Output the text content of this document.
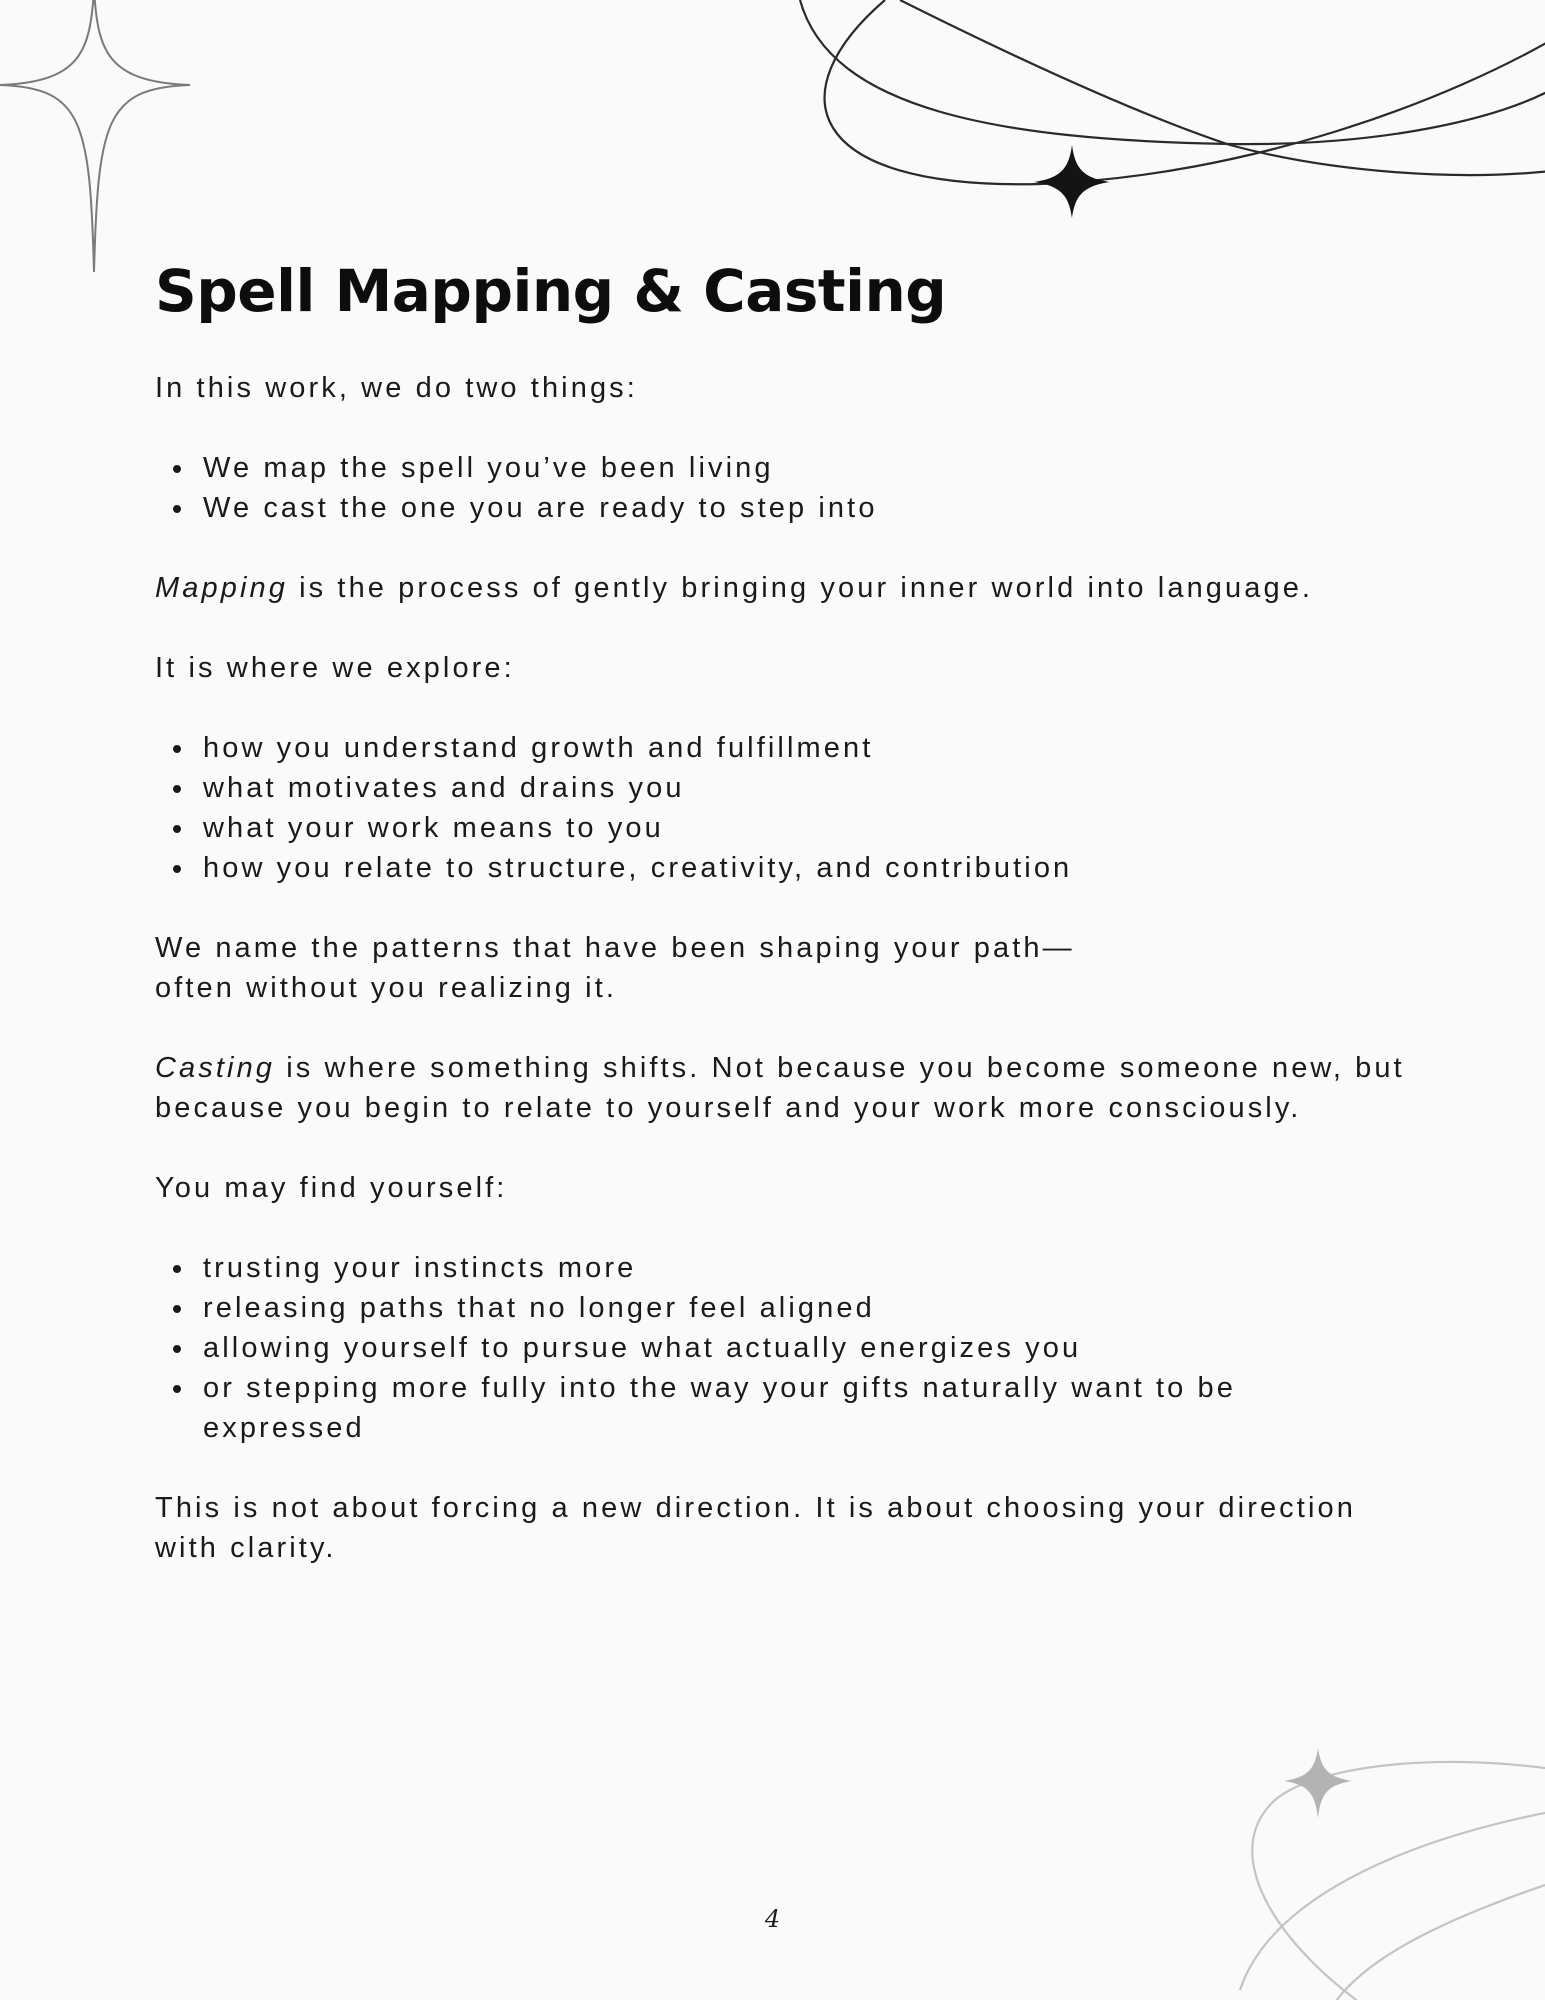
Spell Mapping & Casting

In this work, we do two things:

We map the spell you’ve been living
We cast the one you are ready to step into

Mapping is the process of gently bringing your inner world into language.

It is where we explore:

how you understand growth and fulfillment
what motivates and drains you
what your work means to you
how you relate to structure, creativity, and contribution

We name the patterns that have been shaping your path— often without you realizing it.

Casting is where something shifts. Not because you become someone new, but because you begin to relate to yourself and your work more consciously.

You may find yourself:

trusting your instincts more
releasing paths that no longer feel aligned
allowing yourself to pursue what actually energizes you
or stepping more fully into the way your gifts naturally want to be expressed

This is not about forcing a new direction. It is about choosing your direction with clarity.

4
